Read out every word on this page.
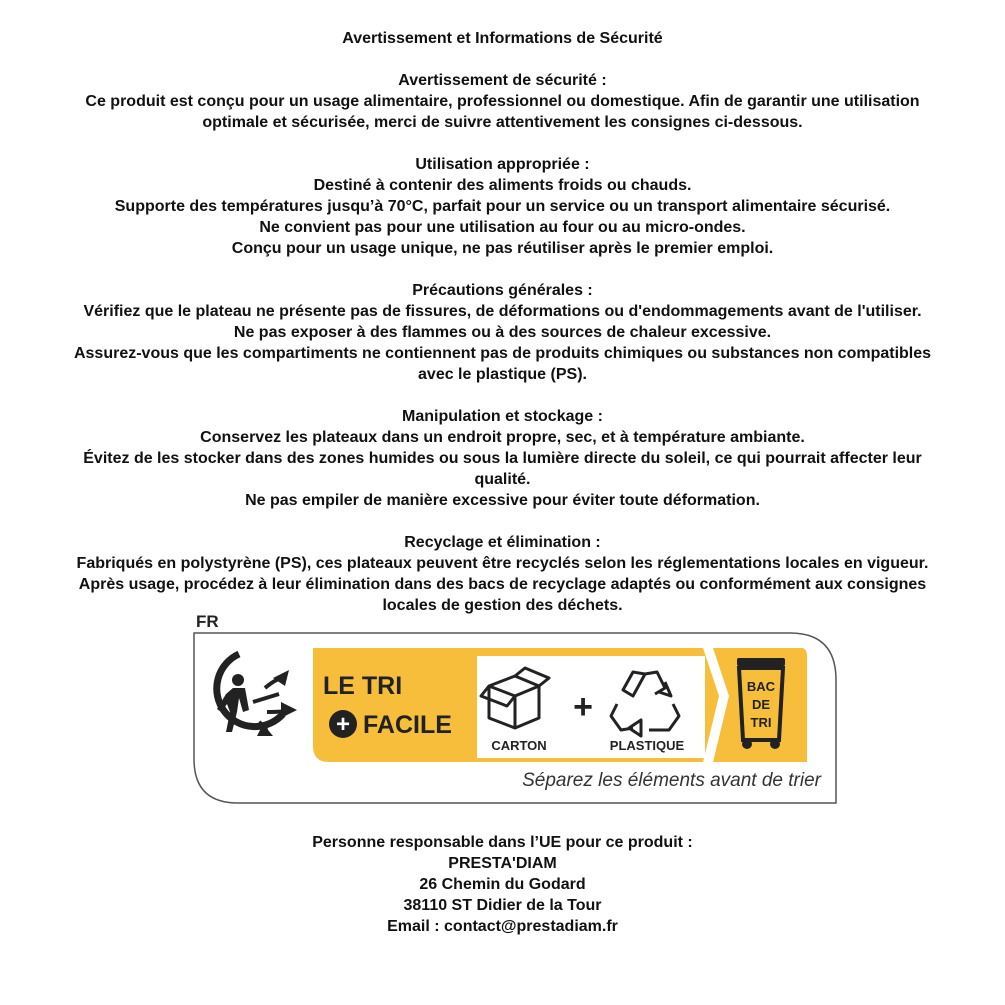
Avertissement et Informations de Sécurité

Avertissement de sécurité :

Ce produit est conçu pour un usage alimentaire, professionnel ou domestique. Afin de garantir une utilisation

optimale et sécurisée, merci de suivre attentivement les consignes ci-dessous.

Utilisation appropriée :

Destiné à contenir des aliments froids ou chauds.

Supporte des températures jusqu’à 70°C, parfait pour un service ou un transport alimentaire sécurisé.

Ne convient pas pour une utilisation au four ou au micro-ondes.

Conçu pour un usage unique, ne pas réutiliser après le premier emploi.

Précautions générales :

Vérifiez que le plateau ne présente pas de fissures, de déformations ou d'endommagements avant de l'utiliser.

Ne pas exposer à des flammes ou à des sources de chaleur excessive.

Assurez-vous que les compartiments ne contiennent pas de produits chimiques ou substances non compatibles

avec le plastique (PS).

Manipulation et stockage :

Conservez les plateaux dans un endroit propre, sec, et à température ambiante.

Évitez de les stocker dans des zones humides ou sous la lumière directe du soleil, ce qui pourrait affecter leur

qualité.

Ne pas empiler de manière excessive pour éviter toute déformation.

Recyclage et élimination :

Fabriqués en polystyrène (PS), ces plateaux peuvent être recyclés selon les réglementations locales en vigueur.

Après usage, procédez à leur élimination dans des bacs de recyclage adaptés ou conformément aux consignes

locales de gestion des déchets.

FR
LE TRI
+ FACILE
CARTON
+
PLASTIQUE
BAC
DE
TRI
Séparez les éléments avant de trier

Personne responsable dans l’UE pour ce produit :

PRESTA'DIAM

26 Chemin du Godard

38110 ST Didier de la Tour

Email : contact@prestadiam.fr
